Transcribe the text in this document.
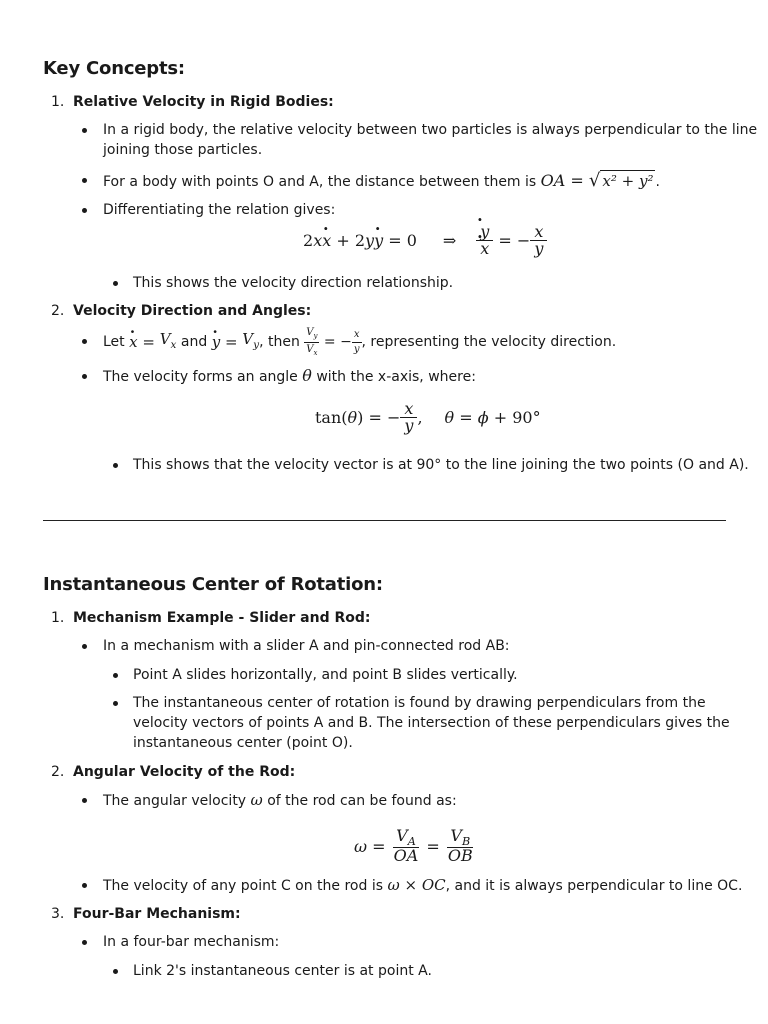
Key Concepts:
1. Relative Velocity in Rigid Bodies:
In a rigid body, the relative velocity between two particles is always perpendicular to the line
joining those particles.
For a body with points O and A, the distance between them is OA = √ x² + y² .
Differentiating the relation gives:
2 x x . + 2 y y . = 0 ⇒ $\frac{y .}{x}$ . = − $\frac{x}{y}$
This shows the velocity direction relationship.
2. Velocity Direction and Angles:
Let
x . = $V_x$
and
y . = $V_y$ , then
$\frac{V_y}{V_x}$ = − $\frac{x}{y}$ , representing the velocity direction.
The velocity forms an angle θ with the x-axis, where:
tan( θ ) = − $\frac{x}{y}$ , θ = ϕ + 90°
This shows that the velocity vector is at 90° to the line joining the two points (O and A).
Instantaneous Center of Rotation:
1. Mechanism Example - Slider and Rod:
In a mechanism with a slider A and pin-connected rod AB:
Point A slides horizontally, and point B slides vertically.
The instantaneous center of rotation is found by drawing perpendiculars from the
velocity vectors of points A and B. The intersection of these perpendiculars gives the
instantaneous center (point O).
2. Angular Velocity of the Rod:
The angular velocity ω of the rod can be found as:
$\omega = \frac{V_A}{OA} = \frac{V_B}{OB}$
The velocity of any point C on the rod is ω × OC, and it is always perpendicular to line OC.
3. Four-Bar Mechanism:
In a four-bar mechanism:
Link 2's instantaneous center is at point A.
